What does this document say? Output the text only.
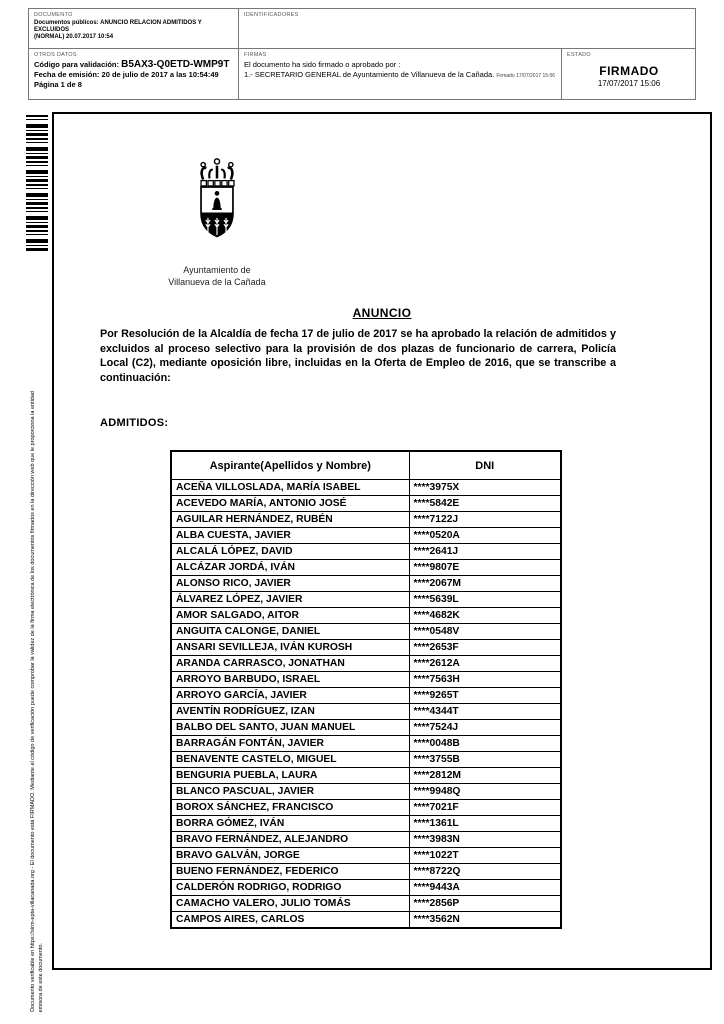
DOCUMENTO
Documentos públicos: ANUNCIO RELACION ADMITIDOS Y EXCLUIDOS
(NORMAL) 20.07.2017 10:54
IDENTIFICADORES
OTROS DATOS
Código para validación: B5AX3-Q0ETD-WMP9T
Fecha de emisión: 20 de julio de 2017 a las 10:54:49
Página 1 de 8
FIRMAS
El documento ha sido firmado o aprobado por :
1.- SECRETARIO GENERAL de Ayuntamiento de Villanueva de la Cañada. Firmado 17/07/2017 15:06
ESTADO
FIRMADO
17/07/2017 15:06
Documento verificable en https://sirm-epta-villacanada.org - El documento está FIRMADO. Mediante el código de verificación puede comprobar la validez de la firma electrónica de los documentos firmados en la dirección web que le proporciona la entidad emisora de este documento.
Ayuntamiento de
Villanueva de la Cañada
ANUNCIO
Por Resolución de la Alcaldía de fecha 17 de julio de 2017 se ha aprobado la relación de admitidos y excluidos al proceso selectivo para la provisión de dos plazas de funcionario de carrera, Policía Local (C2), mediante oposición libre, incluidas en la Oferta de Empleo de 2016, que se transcribe a continuación:
ADMITIDOS:
Aspirante(Apellidos y Nombre)	DNI
ACEÑA VILLOSLADA, MARÍA ISABEL	****3975X
ACEVEDO MARÍA, ANTONIO JOSÉ	****5842E
AGUILAR HERNÁNDEZ, RUBÉN	****7122J
ALBA CUESTA, JAVIER	****0520A
ALCALÁ LÓPEZ, DAVID	****2641J
ALCÁZAR JORDÁ, IVÁN	****9807E
ALONSO RICO, JAVIER	****2067M
ÁLVAREZ LÓPEZ, JAVIER	****5639L
AMOR SALGADO, AITOR	****4682K
ANGUITA CALONGE, DANIEL	****0548V
ANSARI SEVILLEJA, IVÁN KUROSH	****2653F
ARANDA CARRASCO, JONATHAN	****2612A
ARROYO BARBUDO, ISRAEL	****7563H
ARROYO GARCÍA, JAVIER	****9265T
AVENTÍN RODRÍGUEZ, IZAN	****4344T
BALBO DEL SANTO, JUAN MANUEL	****7524J
BARRAGÁN FONTÁN, JAVIER	****0048B
BENAVENTE CASTELO, MIGUEL	****3755B
BENGURIA PUEBLA, LAURA	****2812M
BLANCO PASCUAL, JAVIER	****9948Q
BOROX SÁNCHEZ, FRANCISCO	****7021F
BORRA GÓMEZ, IVÁN	****1361L
BRAVO FERNÁNDEZ, ALEJANDRO	****3983N
BRAVO GALVÁN, JORGE	****1022T
BUENO FERNÁNDEZ, FEDERICO	****8722Q
CALDERÓN RODRIGO, RODRIGO	****9443A
CAMACHO VALERO, JULIO TOMÁS	****2856P
CAMPOS AIRES, CARLOS	****3562N
